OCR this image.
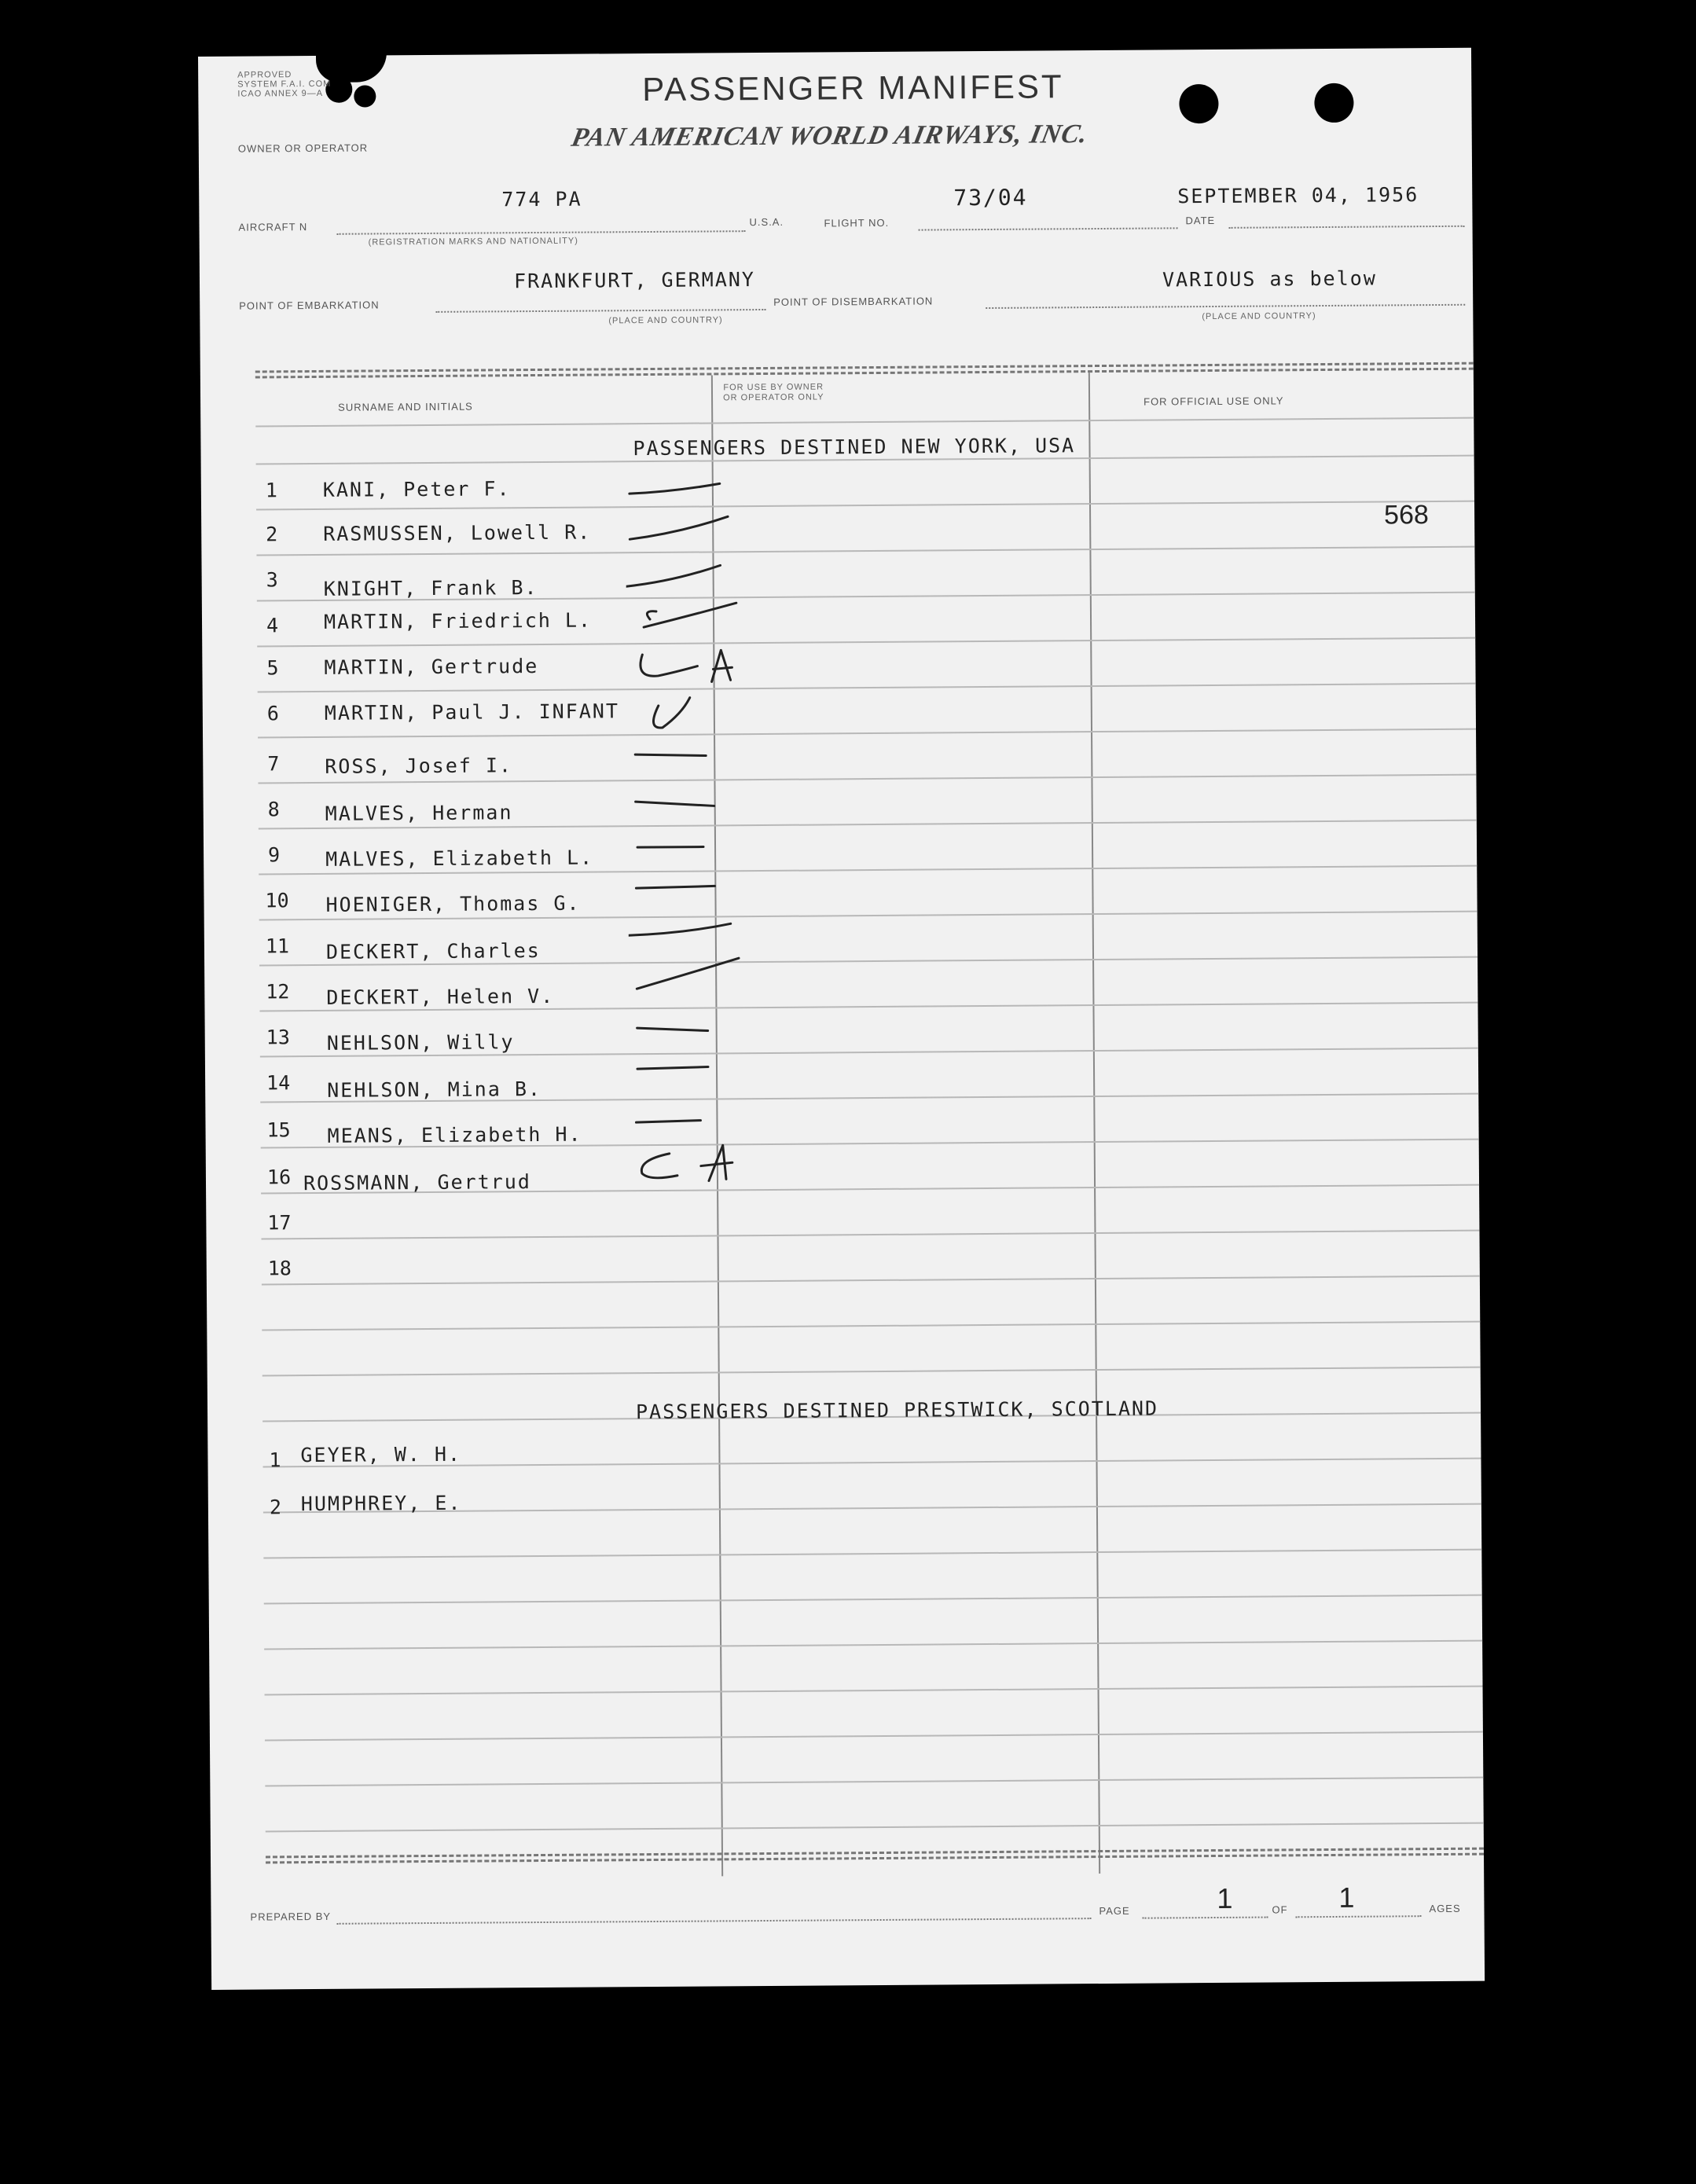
APPROVED
SYSTEM F.A.I. COM
ICAO ANNEX 9—A
OWNER OR OPERATOR
PASSENGER MANIFEST
PAN AMERICAN WORLD AIRWAYS, INC.
AIRCRAFT N
774 PA
(REGISTRATION MARKS AND NATIONALITY)
U.S.A.	FLIGHT NO.
73/04
DATE
SEPTEMBER 04, 1956
POINT OF EMBARKATION
FRANKFURT, GERMANY
(PLACE AND COUNTRY)
POINT OF DISEMBARKATION
VARIOUS as below
(PLACE AND COUNTRY)
SURNAME AND INITIALS
FOR USE BY OWNER
OR OPERATOR ONLY	FOR OFFICIAL USE ONLY
PASSENGERS DESTINED NEW YORK, USA
568
1 KANI, Peter F.
2 RASMUSSEN, Lowell R.
3 KNIGHT, Frank B.
4 MARTIN, Friedrich L.
5 MARTIN, Gertrude
6 MARTIN, Paul J. INFANT
7 ROSS, Josef I.
8 MALVES, Herman
9 MALVES, Elizabeth L.
10 HOENIGER, Thomas G.
11 DECKERT, Charles
12 DECKERT, Helen V.
13 NEHLSON, Willy
14 NEHLSON, Mina B.
15 MEANS, Elizabeth H.
16 ROSSMANN, Gertrud
17
18
PASSENGERS DESTINED PRESTWICK, SCOTLAND
1 GEYER, W. H.
2 HUMPHREY, E.
PREPARED BY	PAGE	1	OF 1	AGES
